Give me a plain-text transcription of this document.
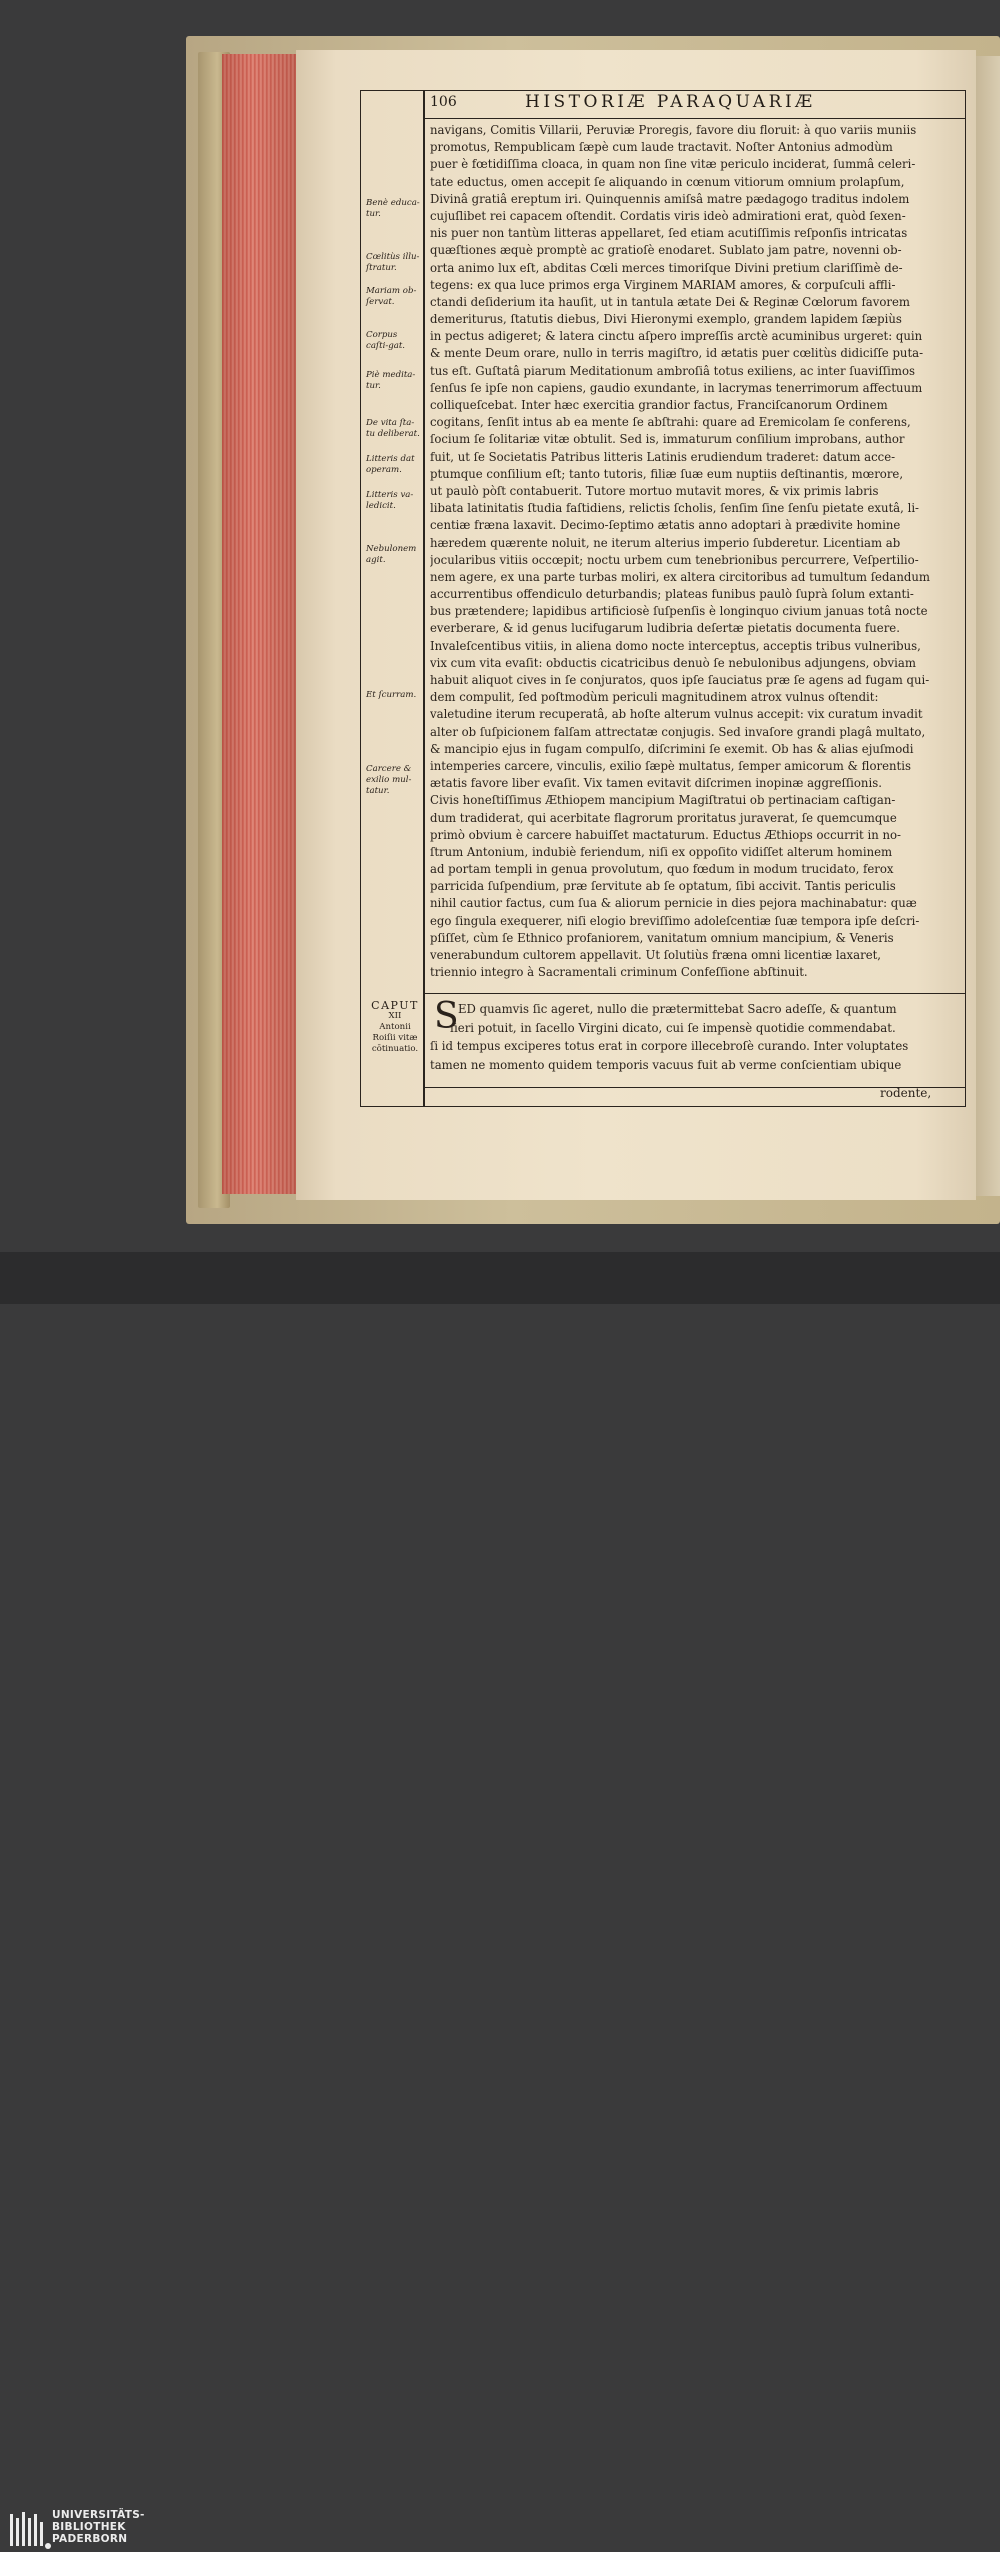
106	HISTORIÆ PARAQUARIÆ
navigans, Comitis Villarii, Peruviæ Proregis, favore diu floruit: à quo variis muniis
promotus, Rempublicam ſæpè cum laude tractavit. Noſter Antonius admodùm
puer è fœtidiſſima cloaca, in quam non ſine vitæ periculo inciderat, ſummâ celeri-
tate eductus, omen accepit ſe aliquando in cœnum vitiorum omnium prolapſum,
Divinâ gratiâ ereptum iri. Quinquennis amiſsâ matre pædagogo traditus indolem
cujuſlibet rei capacem oſtendit. Cordatis viris ideò admirationi erat, quòd ſexen-
nis puer non tantùm litteras appellaret, ſed etiam acutiſſimis reſponſis intricatas
quæſtiones æquè promptè ac gratioſè enodaret. Sublato jam patre, novenni ob-
orta animo lux eſt, abditas Cœli merces timoriſque Divini pretium clariſſimè de-
tegens: ex qua luce primos erga Virginem MARIAM amores, & corpuſculi affli-
ctandi deſiderium ita hauſit, ut in tantula ætate Dei & Reginæ Cœlorum favorem
demeriturus, ſtatutis diebus, Divi Hieronymi exemplo, grandem lapidem ſæpiùs
in pectus adigeret; & latera cinctu aſpero impreſſis arctè acuminibus urgeret: quin
& mente Deum orare, nullo in terris magiſtro, id ætatis puer cœlitùs didiciſſe puta-
tus eſt. Guſtatâ piarum Meditationum ambroſiâ totus exiliens, ac inter ſuaviſſimos
ſenſus ſe ipſe non capiens, gaudio exundante, in lacrymas tenerrimorum affectuum
colliqueſcebat. Inter hæc exercitia grandior factus, Franciſcanorum Ordinem
cogitans, ſenſit intus ab ea mente ſe abſtrahi: quare ad Eremicolam ſe conferens,
ſocium ſe ſolitariæ vitæ obtulit. Sed is, immaturum conſilium improbans, author
fuit, ut ſe Societatis Patribus litteris Latinis erudiendum traderet: datum acce-
ptumque conſilium eſt; tanto tutoris, filiæ ſuæ eum nuptiis deſtinantis, mœrore,
ut paulò pòſt contabuerit. Tutore mortuo mutavit mores, & vix primis labris
libata latinitatis ſtudia faſtidiens, relictis ſcholis, ſenſim ſine ſenſu pietate exutâ, li-
centiæ fræna laxavit. Decimo-ſeptimo ætatis anno adoptari à prædivite homine
hæredem quærente noluit, ne iterum alterius imperio ſubderetur. Licentiam ab
jocularibus vitiis occœpit; noctu urbem cum tenebrionibus percurrere, Veſpertilio-
nem agere, ex una parte turbas moliri, ex altera circitoribus ad tumultum ſedandum
accurrentibus offendiculo deturbandis; plateas funibus paulò ſuprà ſolum extanti-
bus prætendere; lapidibus artificiosè ſuſpenſis è longinquo civium januas totâ nocte
everberare, & id genus lucifugarum ludibria deſertæ pietatis documenta fuere.
Invaleſcentibus vitiis, in aliena domo nocte interceptus, acceptis tribus vulneribus,
vix cum vita evaſit: obductis cicatricibus denuò ſe nebulonibus adjungens, obviam
habuit aliquot cives in ſe conjuratos, quos ipſe ſauciatus præ ſe agens ad fugam qui-
dem compulit, ſed poſtmodùm periculi magnitudinem atrox vulnus oſtendit:
valetudine iterum recuperatâ, ab hoſte alterum vulnus accepit: vix curatum invadit
alter ob ſuſpicionem falſam attrectatæ conjugis. Sed invaſore grandi plagâ multato,
& mancipio ejus in fugam compulſo, diſcrimini ſe exemit. Ob has & alias ejuſmodi
intemperies carcere, vinculis, exilio ſæpè multatus, ſemper amicorum & florentis
ætatis favore liber evaſit. Vix tamen evitavit diſcrimen inopinæ aggreſſionis.
Civis honeſtiſſimus Æthiopem mancipium Magiſtratui ob pertinaciam caſtigan-
dum tradiderat, qui acerbitate flagrorum proritatus juraverat, ſe quemcumque
primò obvium è carcere habuiſſet mactaturum. Eductus Æthiops occurrit in no-
ſtrum Antonium, indubiè feriendum, niſi ex oppoſito vidiſſet alterum hominem
ad portam templi in genua provolutum, quo fœdum in modum trucidato, ferox
parricida ſuſpendium, præ ſervitute ab ſe optatum, ſibi accivit. Tantis periculis
nihil cautior factus, cum ſua & aliorum pernicie in dies pejora machinabatur: quæ
ego ſingula exequerer, niſi elogio breviſſimo adoleſcentiæ ſuæ tempora ipſe deſcri-
pſiſſet, cùm ſe Ethnico profaniorem, vanitatum omnium mancipium, & Veneris
venerabundum cultorem appellavit. Ut ſolutiùs fræna omni licentiæ laxaret,
triennio integro à Sacramentali criminum Confeſſione abſtinuit.
Benè educa-tur.
Cœlitùs illu-ſtratur.
Mariam ob-ſervat.
Corpus caſti-gat.
Piè medita-tur.
De vita ſta-tu deliberat.
Litteris dat operam.
Litteris va-ledicit.
Nebulonem agit.
Et ſcurram.
Carcere & exilio mul-tatur.
CAPUT
XII
Antonii
Roiſii vitæ
cōtinuatio.
S ED quamvis ſic ageret, nullo die prætermittebat Sacro adeſſe, & quantum
fieri potuit, in ſacello Virgini dicato, cui ſe impensè quotidie commendabat.
ſi id tempus exciperes totus erat in corpore illecebroſè curando. Inter voluptates
tamen ne momento quidem temporis vacuus fuit ab verme conſcientiam ubique
rodente,
UNIVERSITÄTS-
BIBLIOTHEK
PADERBORN
